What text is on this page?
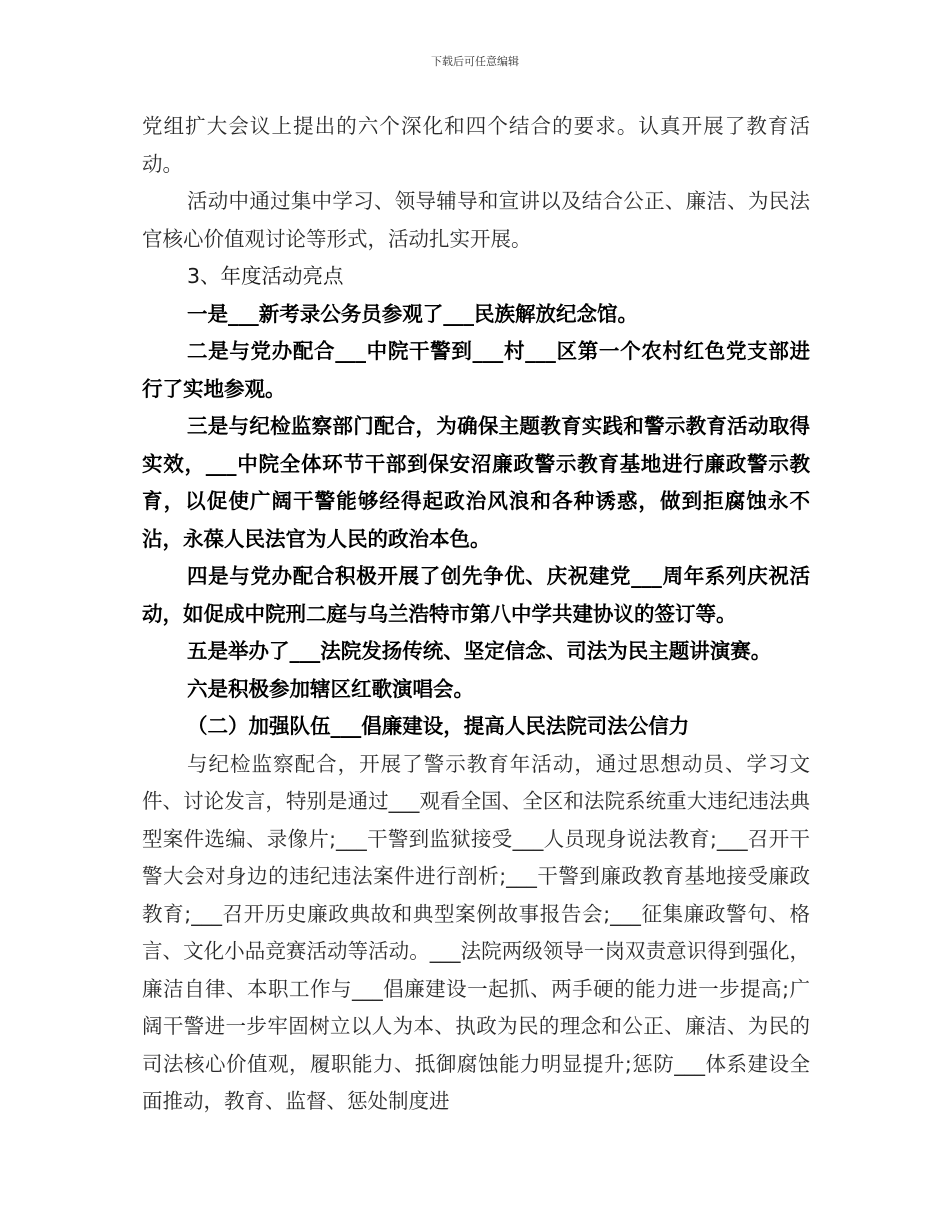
下载后可任意编辑

党组扩大会议上提出的六个深化和四个结合的要求。认真开展了教育活动。

活动中通过集中学习、领导辅导和宣讲以及结合公正、廉洁、为民法官核心价值观讨论等形式，活动扎实开展。

3、年度活动亮点

一是___新考录公务员参观了___民族解放纪念馆。

二是与党办配合___中院干警到___村___区第一个农村红色党支部进行了实地参观。

三是与纪检监察部门配合，为确保主题教育实践和警示教育活动取得实效，___中院全体环节干部到保安沼廉政警示教育基地进行廉政警示教育，以促使广阔干警能够经得起政治风浪和各种诱惑，做到拒腐蚀永不沾，永葆人民法官为人民的政治本色。

四是与党办配合积极开展了创先争优、庆祝建党___周年系列庆祝活动，如促成中院刑二庭与乌兰浩特市第八中学共建协议的签订等。

五是举办了___法院发扬传统、坚定信念、司法为民主题讲演赛。

六是积极参加辖区红歌演唱会。

（二）加强队伍___倡廉建设，提高人民法院司法公信力

与纪检监察配合，开展了警示教育年活动，通过思想动员、学习文件、讨论发言，特别是通过___观看全国、全区和法院系统重大违纪违法典型案件选编、录像片;___干警到监狱接受___人员现身说法教育;___召开干警大会对身边的违纪违法案件进行剖析;___干警到廉政教育基地接受廉政教育;___召开历史廉政典故和典型案例故事报告会;___征集廉政警句、格言、文化小品竞赛活动等活动。___法院两级领导一岗双责意识得到强化，廉洁自律、本职工作与___倡廉建设一起抓、两手硬的能力进一步提高;广阔干警进一步牢固树立以人为本、执政为民的理念和公正、廉洁、为民的司法核心价值观，履职能力、抵御腐蚀能力明显提升;惩防___体系建设全面推动，教育、监督、惩处制度进
